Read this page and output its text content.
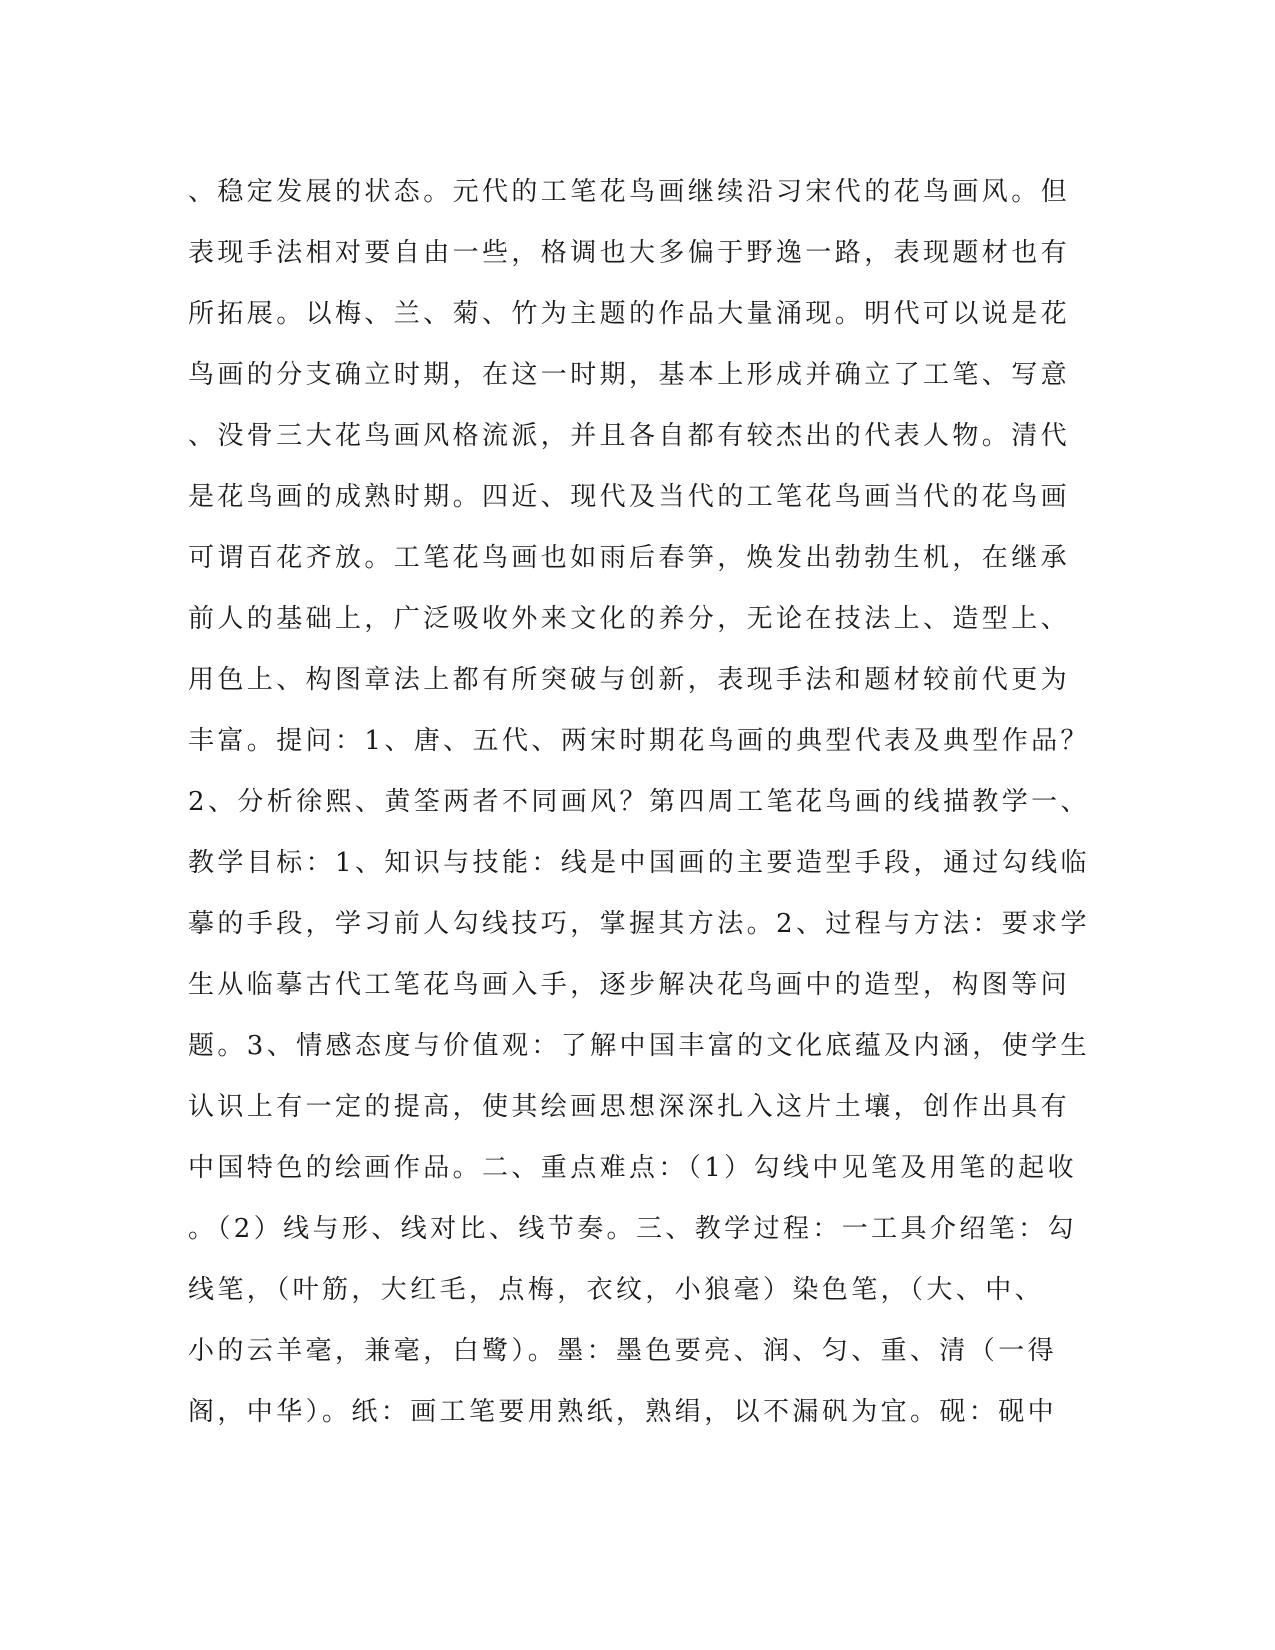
、稳定发展的状态。元代的工笔花鸟画继续沿习宋代的花鸟画风。但
表现手法相对要自由一些，格调也大多偏于野逸一路，表现题材也有
所拓展。以梅、兰、菊、竹为主题的作品大量涌现。明代可以说是花
鸟画的分支确立时期，在这一时期，基本上形成并确立了工笔、写意
、没骨三大花鸟画风格流派，并且各自都有较杰出的代表人物。清代
是花鸟画的成熟时期。四近、现代及当代的工笔花鸟画当代的花鸟画
可谓百花齐放。工笔花鸟画也如雨后春笋，焕发出勃勃生机，在继承
前人的基础上，广泛吸收外来文化的养分，无论在技法上、造型上、
用色上、构图章法上都有所突破与创新，表现手法和题材较前代更为
丰富。提问：1、唐、五代、两宋时期花鸟画的典型代表及典型作品？
2、分析徐熙、黄筌两者不同画风？第四周工笔花鸟画的线描教学一、
教学目标：1、知识与技能：线是中国画的主要造型手段，通过勾线临
摹的手段，学习前人勾线技巧，掌握其方法。2、过程与方法：要求学
生从临摹古代工笔花鸟画入手，逐步解决花鸟画中的造型，构图等问
题。3、情感态度与价值观：了解中国丰富的文化底蕴及内涵，使学生
认识上有一定的提高，使其绘画思想深深扎入这片土壤，创作出具有
中国特色的绘画作品。二、重点难点：（1）勾线中见笔及用笔的起收
。（2）线与形、线对比、线节奏。三、教学过程：一工具介绍笔：勾
线笔，（叶筋，大红毛，点梅，衣纹，小狼毫）染色笔，（大、中、
小的云羊毫，兼毫，白鹭）。墨：墨色要亮、润、匀、重、清（一得
阁，中华）。纸：画工笔要用熟纸，熟绢，以不漏矾为宜。砚：砚中
